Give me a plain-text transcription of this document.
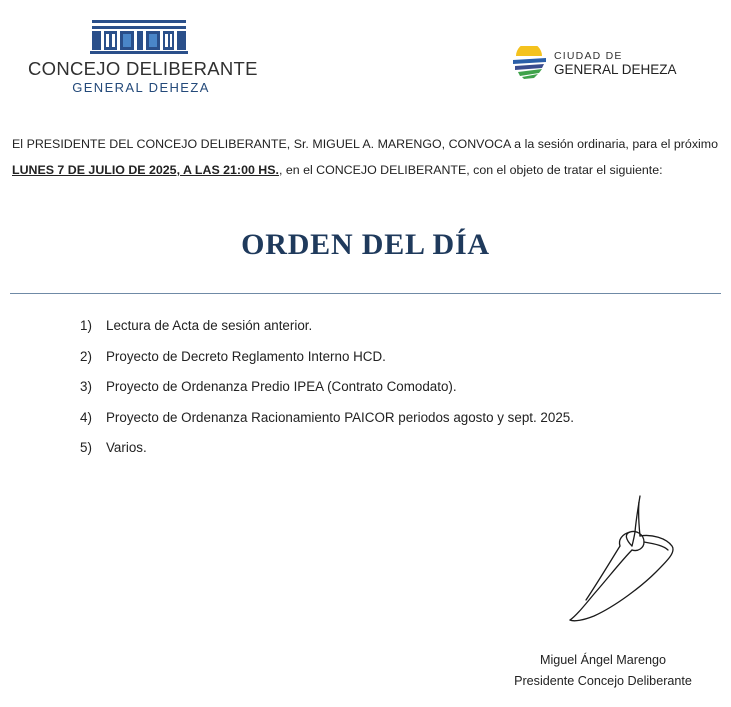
CONCEJO DELIBERANTE
GENERAL DEHEZA
CIUDAD DE
GENERAL DEHEZA

El PRESIDENTE DEL CONCEJO DELIBERANTE, Sr. MIGUEL A. MARENGO, CONVOCA a la sesión ordinaria, para el próximo LUNES 7 DE JULIO DE 2025, A LAS 21:00 HS., en el CONCEJO DELIBERANTE, con el objeto de tratar el siguiente:

ORDEN DEL DÍA
1) Lectura de Acta de sesión anterior.
2) Proyecto de Decreto Reglamento Interno HCD.
3) Proyecto de Ordenanza Predio IPEA (Contrato Comodato).
4) Proyecto de Ordenanza Racionamiento PAICOR periodos agosto y sept. 2025.
5) Varios.
Miguel Ángel Marengo
Presidente Concejo Deliberante
